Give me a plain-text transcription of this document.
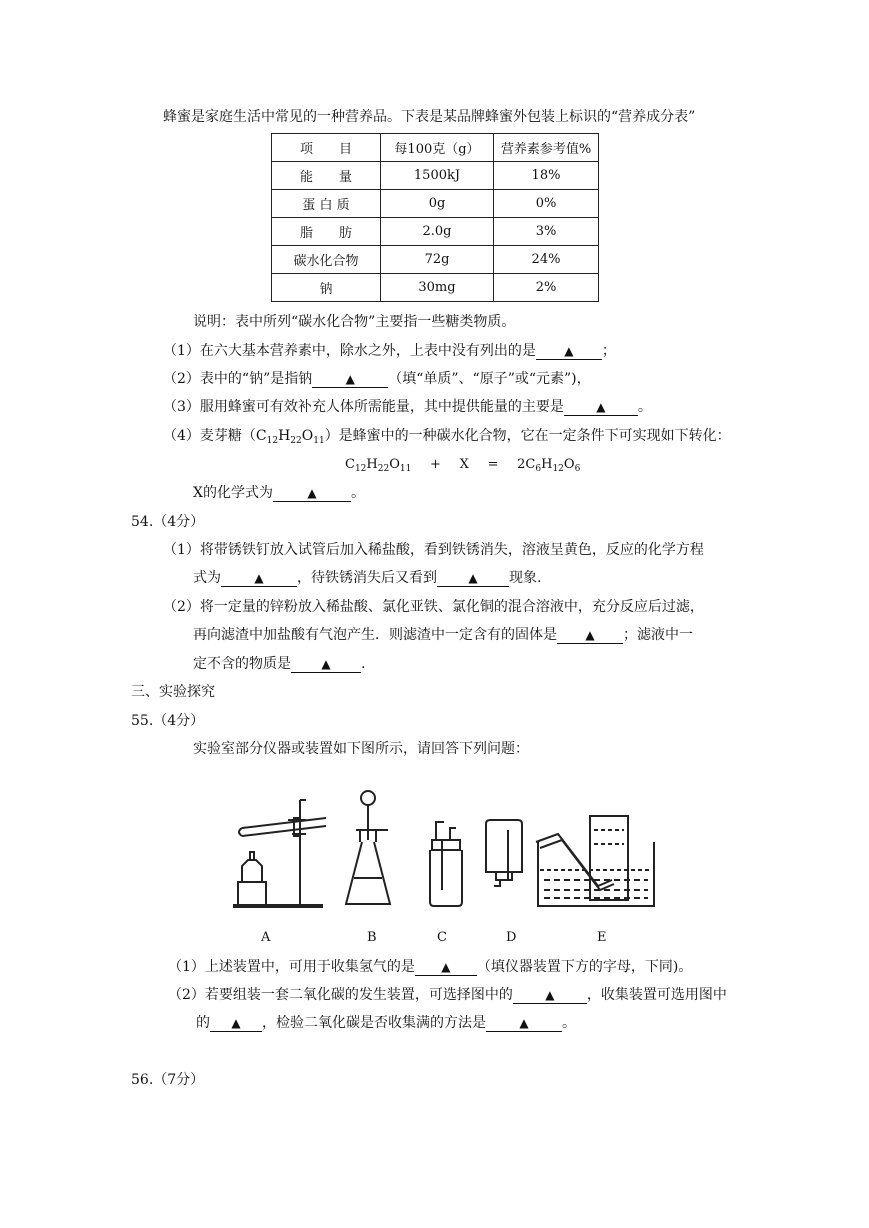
蜂蜜是家庭生活中常见的一种营养品。下表是某品牌蜂蜜外包装上标识的“营养成分表”
项　　目	每100克（g）	营养素参考值%
能　　量	1500kJ	18%
蛋 白 质	0g	0%
脂　　肪	2.0g	3%
碳水化合物	72g	24%
钠	30mg	2%
说明：表中所列“碳水化合物”主要指一些糖类物质。
（1）在六大基本营养素中，除水之外，上表中没有列出的是 ▲ ；
（2）表中的“钠”是指钠	▲ （填“单质”、“原子”或“元素”)，
（3）服用蜂蜜可有效补充人体所需能量，其中提供能量的主要是	▲ 。
（4）麦芽糖$(C_{12}H_{22}O_{11})$是蜂蜜中的一种碳水化合物，它在一定条件下可实现如下转化：
$C_{12}H_{22}O_{11} + X = 2C_6H_{12}O_6$
X的化学式为	▲ 。
54.（4分）
（1）将带锈铁钉放入试管后加入稀盐酸，看到铁锈消失，溶液呈黄色，反应的化学方程
式为	▲ ，待铁锈消失后又看到	▲ 现象.
（2）将一定量的锌粉放入稀盐酸、氯化亚铁、氯化铜的混合溶液中，充分反应后过滤，
再向滤渣中加盐酸有气泡产生．则滤渣中一定含有的固体是 ▲ ；滤液中一
定不含的物质是	▲ .
三、实验探究
55.（4分）
实验室部分仪器或装置如下图所示，请回答下列问题：
A	B	C	D	E
（1）上述装置中，可用于收集氢气的是 ▲ （填仪器装置下方的字母，下同)。
（2）若要组装一套二氧化碳的发生装置，可选择图中的	▲ ，收集装置可选用图中
的 ▲ ，检验二氧化碳是否收集满的方法是	▲ 。
56.（7分）
